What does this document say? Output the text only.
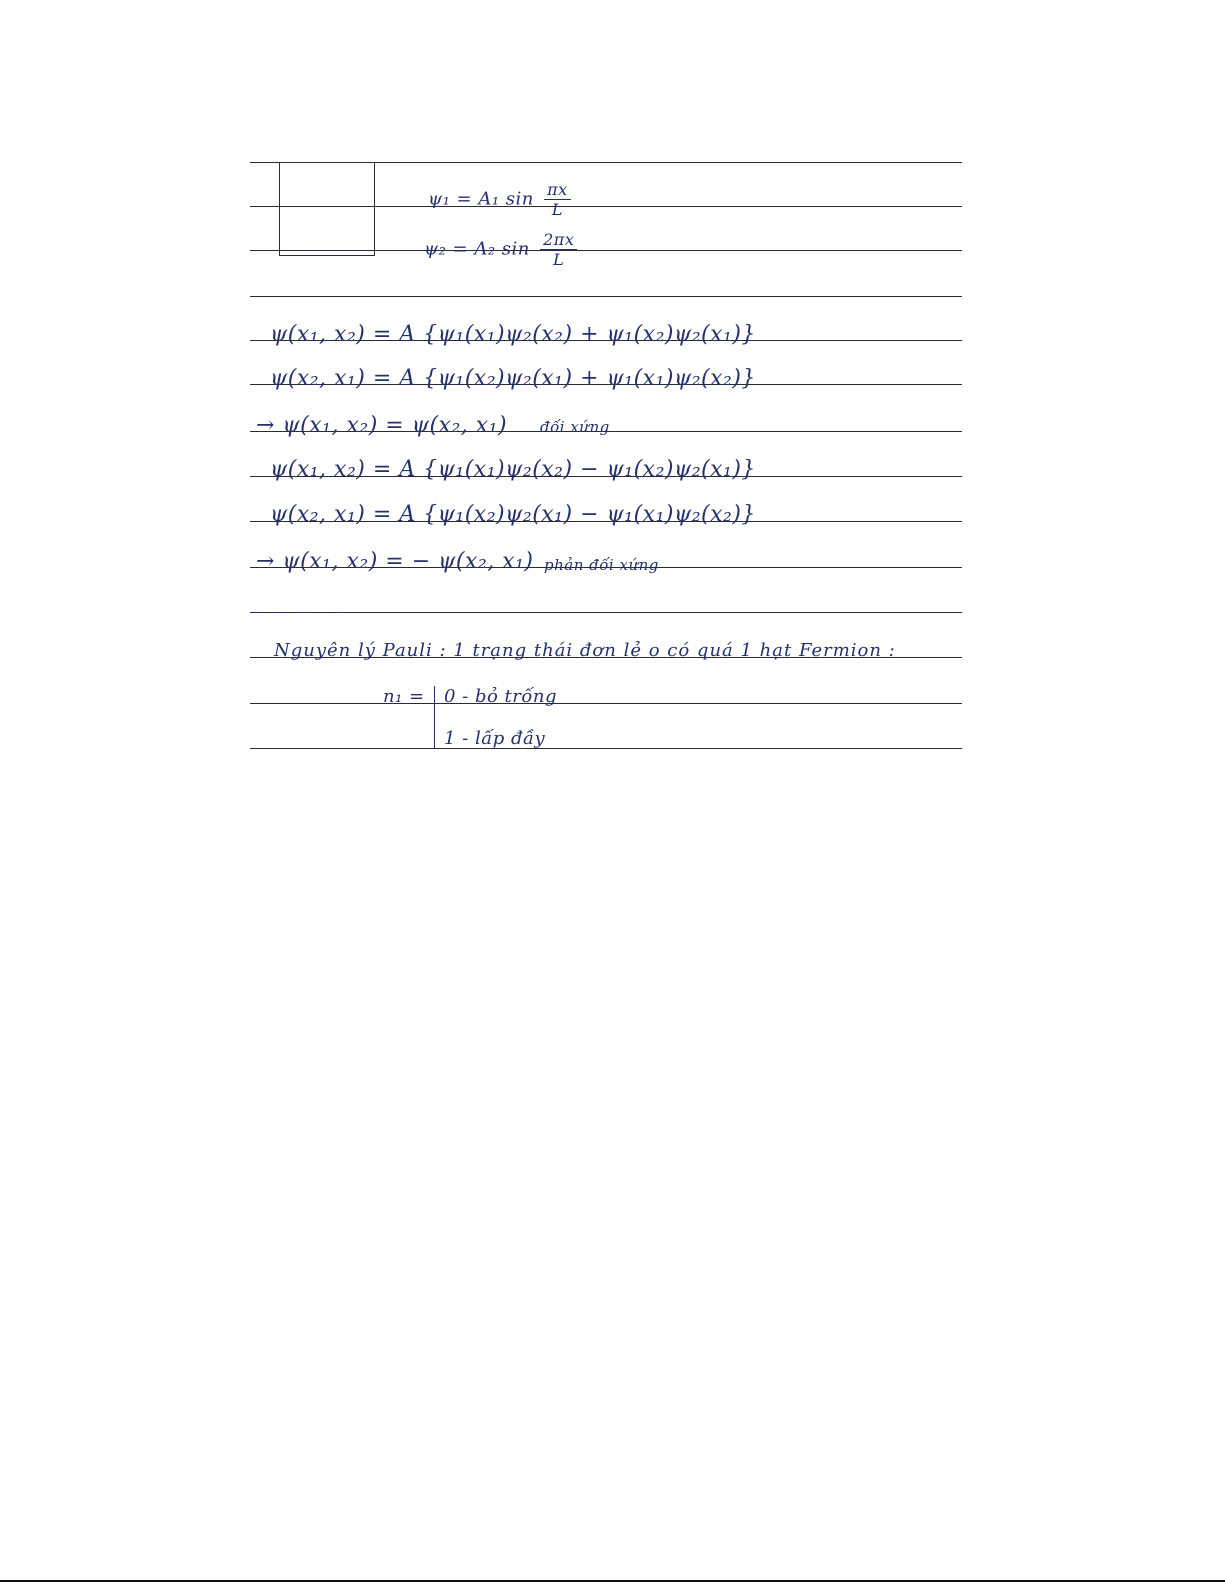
ψ₁ = A₁ $\sin \frac{\pi x}{L}$
ψ₂ = A₂ $\sin \frac{2\pi x}{L}$
ψ(x₁, x₂) = A {ψ₁(x₁)ψ₂(x₂) + ψ₁(x₂)ψ₂(x₁)}
ψ(x₂, x₁) = A {ψ₁(x₂)ψ₂(x₁) + ψ₁(x₁)ψ₂(x₂)}
→ ψ(x₁, x₂) = ψ(x₂, x₁) đối xứng
ψ(x₁, x₂) = A {ψ₁(x₁)ψ₂(x₂) − ψ₁(x₂)ψ₂(x₁)}
ψ(x₂, x₁) = A {ψ₁(x₂)ψ₂(x₁) − ψ₁(x₁)ψ₂(x₂)}
→ ψ(x₁, x₂) = − ψ(x₂, x₁) phản đối xứng
Nguyên lý Pauli : 1 trạng thái đơn lẻ o có quá 1 hạt Fermion :
n₁ = 0 - bỏ trống
1 - lấp đầy
